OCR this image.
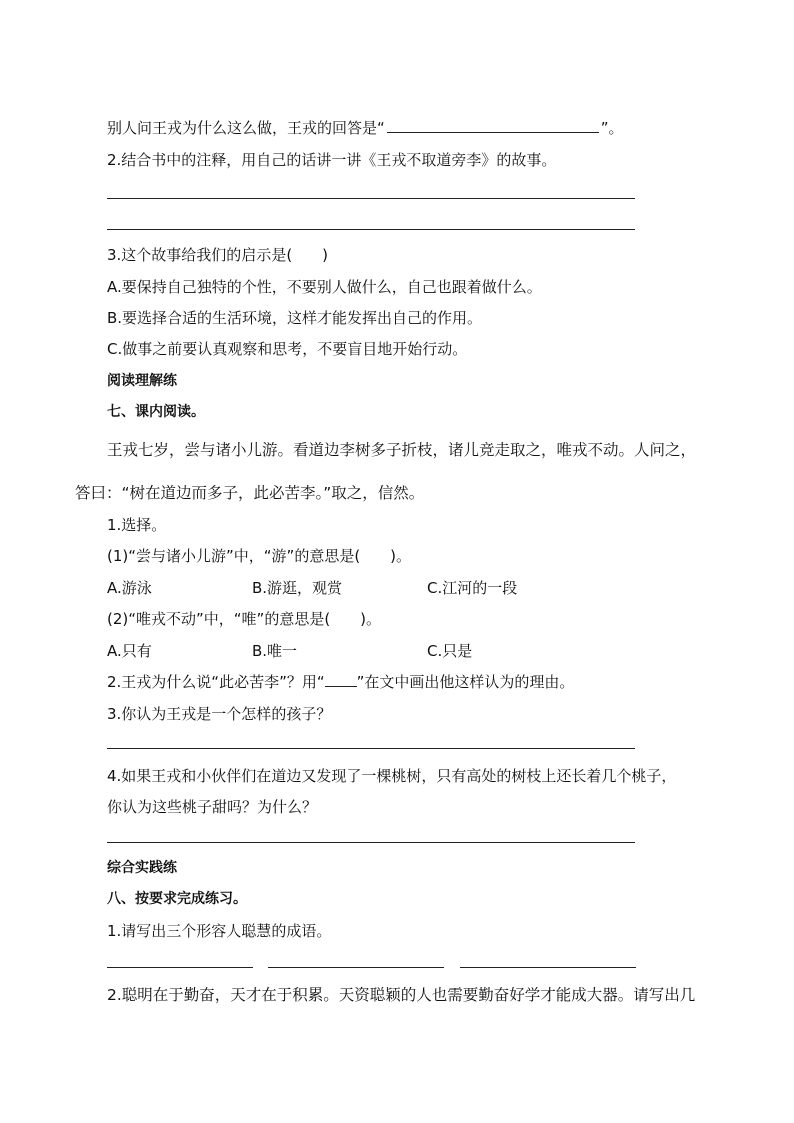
别人问王戎为什么这么做，王戎的回答是“	”。
2.结合书中的注释，用自己的话讲一讲《王戎不取道旁李》的故事。
3.这个故事给我们的启示是(　　)
A.要保持自己独特的个性，不要别人做什么，自己也跟着做什么。
B.要选择合适的生活环境，这样才能发挥出自己的作用。
C.做事之前要认真观察和思考，不要盲目地开始行动。
阅读理解练
七、课内阅读。
王戎七岁，尝与诸小儿游。看道边李树多子折枝，诸儿竞走取之，唯戎不动。人问之，
答曰：“树在道边而多子，此必苦李。”取之，信然。
1.选择。
(1)“尝与诸小儿游”中，“游”的意思是(　　)。
A.游泳	B.游逛，观赏	C.江河的一段
(2)“唯戎不动”中，“唯”的意思是(　　)。
A.只有	B.唯一	C.只是
2.王戎为什么说“此必苦李”？用“ ”在文中画出他这样认为的理由。
3.你认为王戎是一个怎样的孩子？
4.如果王戎和小伙伴们在道边又发现了一棵桃树，只有高处的树枝上还长着几个桃子，
你认为这些桃子甜吗？为什么？
综合实践练
八、按要求完成练习。
1.请写出三个形容人聪慧的成语。
2.聪明在于勤奋，天才在于积累。天资聪颖的人也需要勤奋好学才能成大器。请写出几
